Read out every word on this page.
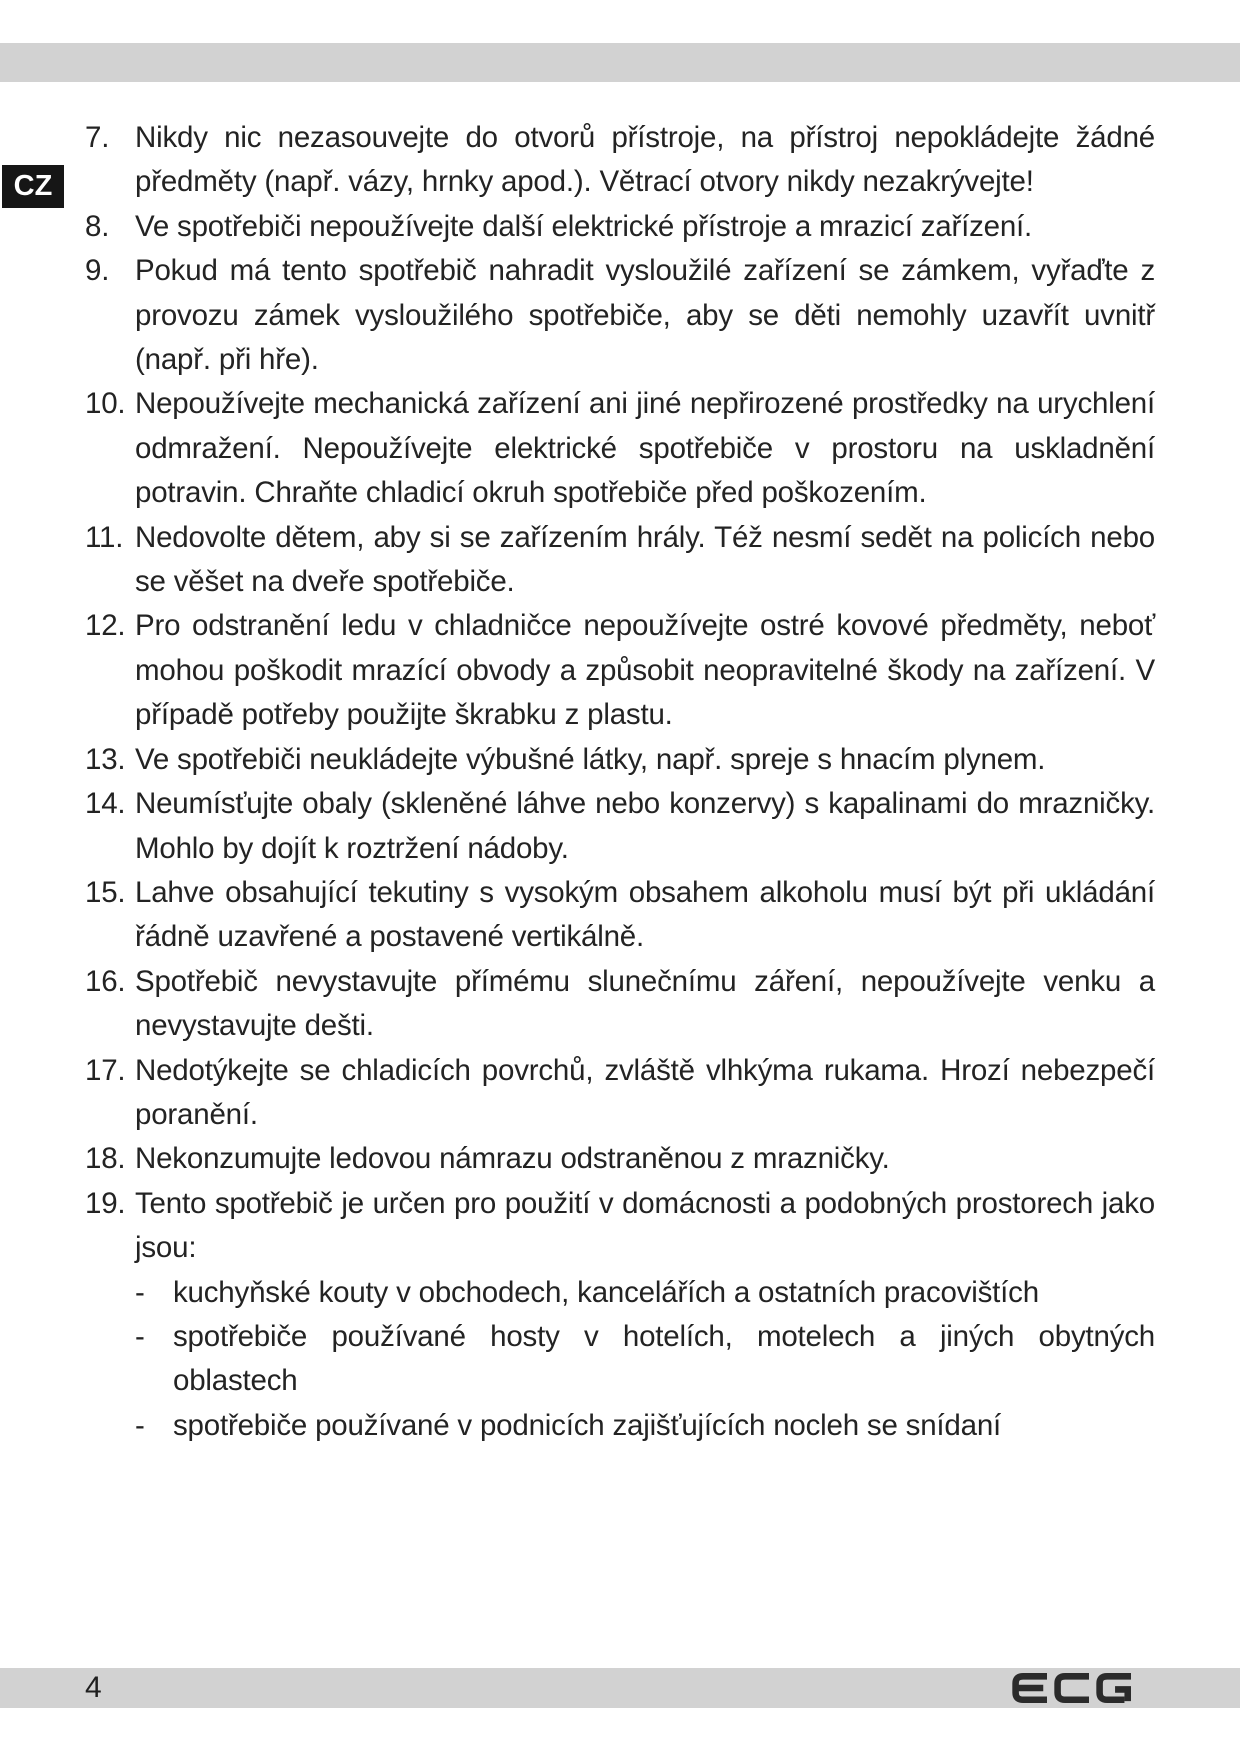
CZ
7. Nikdy nic nezasouvejte do otvorů přístroje, na přístroj nepokládejte žádné předměty (např. vázy, hrnky apod.). Větrací otvory nikdy nezakrývejte!
8. Ve spotřebiči nepoužívejte další elektrické přístroje a mrazicí zařízení.
9. Pokud má tento spotřebič nahradit vysloužilé zařízení se zámkem, vyřaďte z provozu zámek vysloužilého spotřebiče, aby se děti nemohly uzavřít uvnitř (např. při hře).
10. Nepoužívejte mechanická zařízení ani jiné nepřirozené prostředky na urychlení odmražení. Nepoužívejte elektrické spotřebiče v prostoru na uskladnění potravin. Chraňte chladicí okruh spotřebiče před poškozením.
11. Nedovolte dětem, aby si se zařízením hrály. Též nesmí sedět na policích nebo se věšet na dveře spotřebiče.
12. Pro odstranění ledu v chladničce nepoužívejte ostré kovové předměty, neboť mohou poškodit mrazící obvody a způsobit neopravitelné škody na zařízení. V případě potřeby použijte škrabku z plastu.
13. Ve spotřebiči neukládejte výbušné látky, např. spreje s hnacím plynem.
14. Neumísťujte obaly (skleněné láhve nebo konzervy) s kapalinami do mrazničky. Mohlo by dojít k roztržení nádoby.
15. Lahve obsahující tekutiny s vysokým obsahem alkoholu musí být při ukládání řádně uzavřené a postavené vertikálně.
16. Spotřebič nevystavujte přímému slunečnímu záření, nepoužívejte venku a nevystavujte dešti.
17. Nedotýkejte se chladicích povrchů, zvláště vlhkýma rukama. Hrozí nebezpečí poranění.
18. Nekonzumujte ledovou námrazu odstraněnou z mrazničky.
19. Tento spotřebič je určen pro použití v domácnosti a podobných prostorech jako jsou:
- kuchyňské kouty v obchodech, kancelářích a ostatních pracovištích
- spotřebiče používané hosty v hotelích, motelech a jiných obytných oblastech
- spotřebiče používané v podnicích zajišťujících nocleh se snídaní
4
